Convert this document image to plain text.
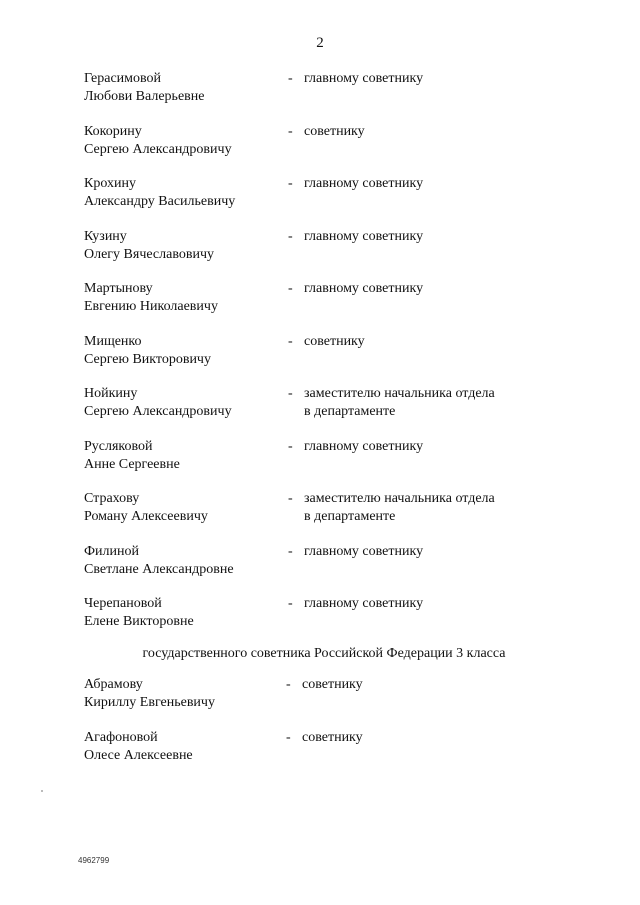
2
Герасимовой
Любови Валерьевне
- главному советнику
Кокорину
Сергею Александровичу
- советнику
Крохину
Александру Васильевичу
- главному советнику
Кузину
Олегу Вячеславовичу
- главному советнику
Мартынову
Евгению Николаевичу
- главному советнику
Мищенко
Сергею Викторовичу
- советнику
Нойкину
Сергею Александровичу
- заместителю начальника отдела
в департаменте
Русляковой
Анне Сергеевне
- главному советнику
Страхову
Роману Алексеевичу
- заместителю начальника отдела
в департаменте
Филиной
Светлане Александровне
- главному советнику
Черепановой
Елене Викторовне
- главному советнику
государственного советника Российской Федерации 3 класса
Абрамову
Кириллу Евгеньевичу
- советнику
Агафоновой
Олесе Алексеевне
- советнику
4962799
